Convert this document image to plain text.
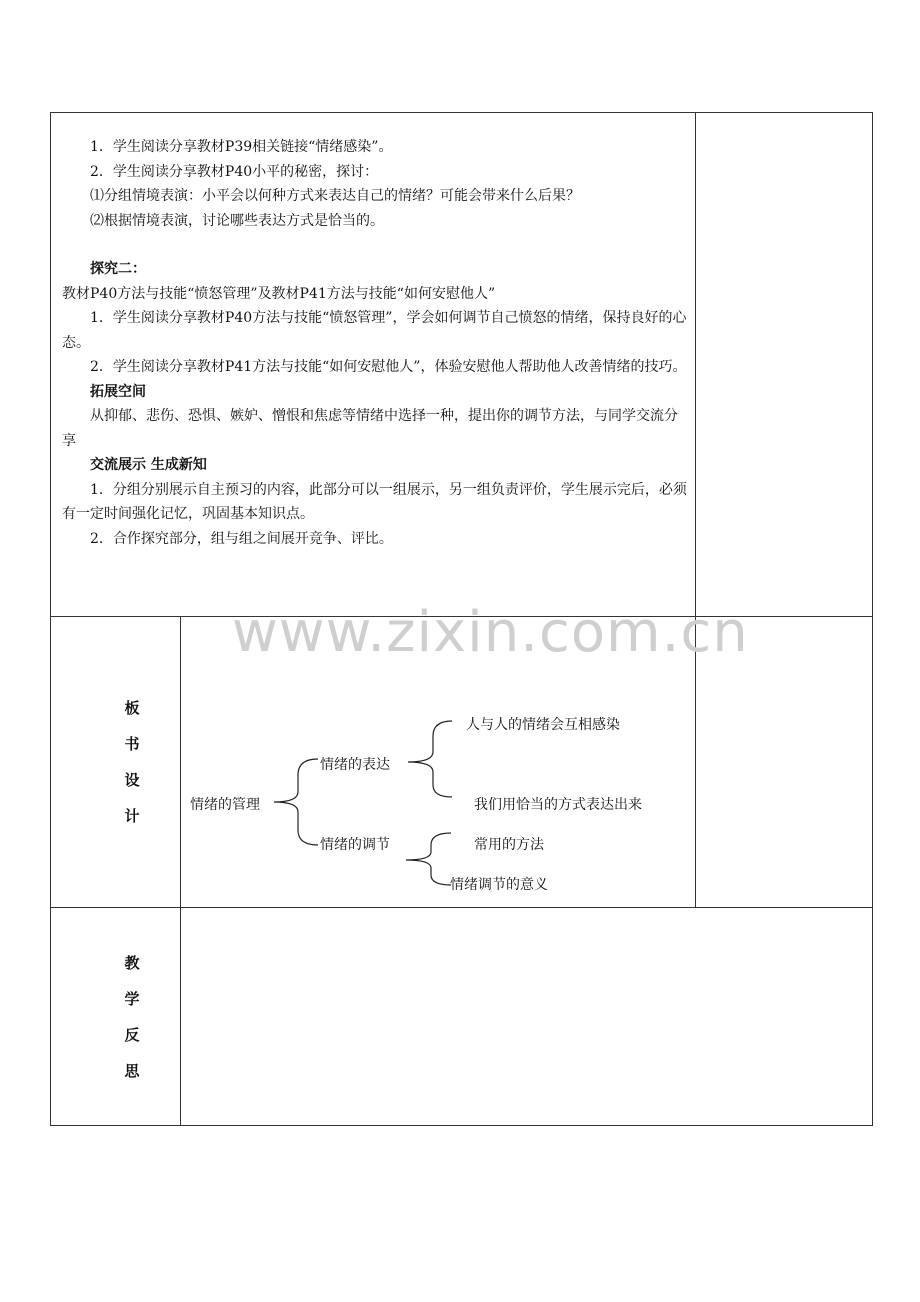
1．学生阅读分享教材P39相关链接“情绪感染”。

2．学生阅读分享教材P40小平的秘密，探讨：

⑴分组情境表演：小平会以何种方式来表达自己的情绪？可能会带来什么后果？

⑵根据情境表演，讨论哪些表达方式是恰当的。

探究二：

教材P40方法与技能“愤怒管理”及教材P41方法与技能“如何安慰他人”

1．学生阅读分享教材P40方法与技能“愤怒管理”，学会如何调节自己愤怒的情绪，保持良好的心态。

2．学生阅读分享教材P41方法与技能“如何安慰他人”，体验安慰他人帮助他人改善情绪的技巧。

拓展空间

从抑郁、悲伤、恐惧、嫉妒、憎恨和焦虑等情绪中选择一种，提出你的调节方法，与同学交流分享

交流展示 生成新知

1．分组分别展示自主预习的内容，此部分可以一组展示，另一组负责评价，学生展示完后，必须有一定时间强化记忆，巩固基本知识点。

2．合作探究部分，组与组之间展开竞争、评比。

板
书
设
计
情绪的管理
情绪的表达
人与人的情绪会互相感染
我们用恰当的方式表达出来
情绪的调节	常用的方法
情绪调节的意义
教
学
反
思
www.zixin.com.cn
